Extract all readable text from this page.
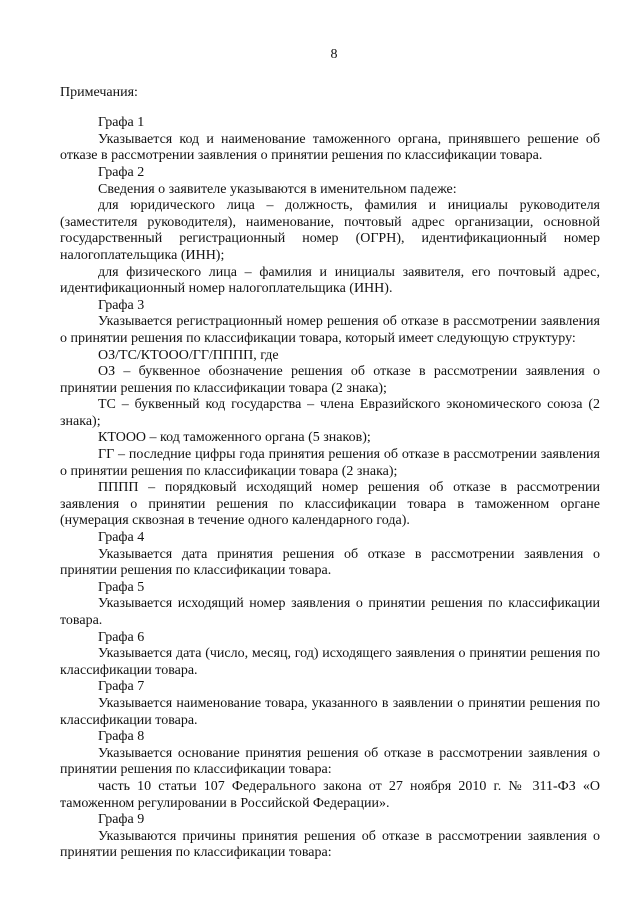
8
Примечания:
Графа 1
Указывается код и наименование таможенного органа, принявшего решение об отказе в рассмотрении заявления о принятии решения по классификации товара.
Графа 2
Сведения о заявителе указываются в именительном падеже:
для юридического лица – должность, фамилия и инициалы руководителя (заместителя руководителя), наименование, почтовый адрес организации, основной государственный регистрационный номер (ОГРН), идентификационный номер налогоплательщика (ИНН);
для физического лица – фамилия и инициалы заявителя, его почтовый адрес, идентификационный номер налогоплательщика (ИНН).
Графа 3
Указывается регистрационный номер решения об отказе в рассмотрении заявления о принятии решения по классификации товара, который имеет следующую структуру:
ОЗ/ТС/КТООО/ГГ/ПППП, где
ОЗ – буквенное обозначение решения об отказе в рассмотрении заявления о принятии решения по классификации товара (2 знака);
ТС – буквенный код государства – члена Евразийского экономического союза (2 знака);
КТООО – код таможенного органа (5 знаков);
ГГ – последние цифры года принятия решения об отказе в рассмотрении заявления о принятии решения по классификации товара (2 знака);
ПППП – порядковый исходящий номер решения об отказе в рассмотрении заявления о принятии решения по классификации товара в таможенном органе (нумерация сквозная в течение одного календарного года).
Графа 4
Указывается дата принятия решения об отказе в рассмотрении заявления о принятии решения по классификации товара.
Графа 5
Указывается исходящий номер заявления о принятии решения по классификации товара.
Графа 6
Указывается дата (число, месяц, год) исходящего заявления о принятии решения по классификации товара.
Графа 7
Указывается наименование товара, указанного в заявлении о принятии решения по классификации товара.
Графа 8
Указывается основание принятия решения об отказе в рассмотрении заявления о принятии решения по классификации товара:
часть 10 статьи 107 Федерального закона от 27 ноября 2010 г. № 311-ФЗ «О таможенном регулировании в Российской Федерации».
Графа 9
Указываются причины принятия решения об отказе в рассмотрении заявления о принятии решения по классификации товара:
